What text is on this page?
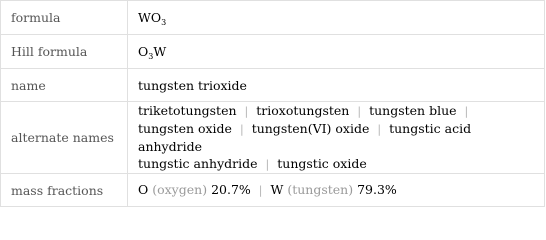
formula	$WO_3$
Hill formula	$O_3W$
name	tungsten trioxide
alternate names	triketotungsten | trioxotungsten | tungsten blue |
tungsten oxide | tungsten(VI) oxide | tungstic acid anhydride
tungstic anhydride | tungstic oxide
mass fractions	O (oxygen) 20.7% | W (tungsten) 79.3%
